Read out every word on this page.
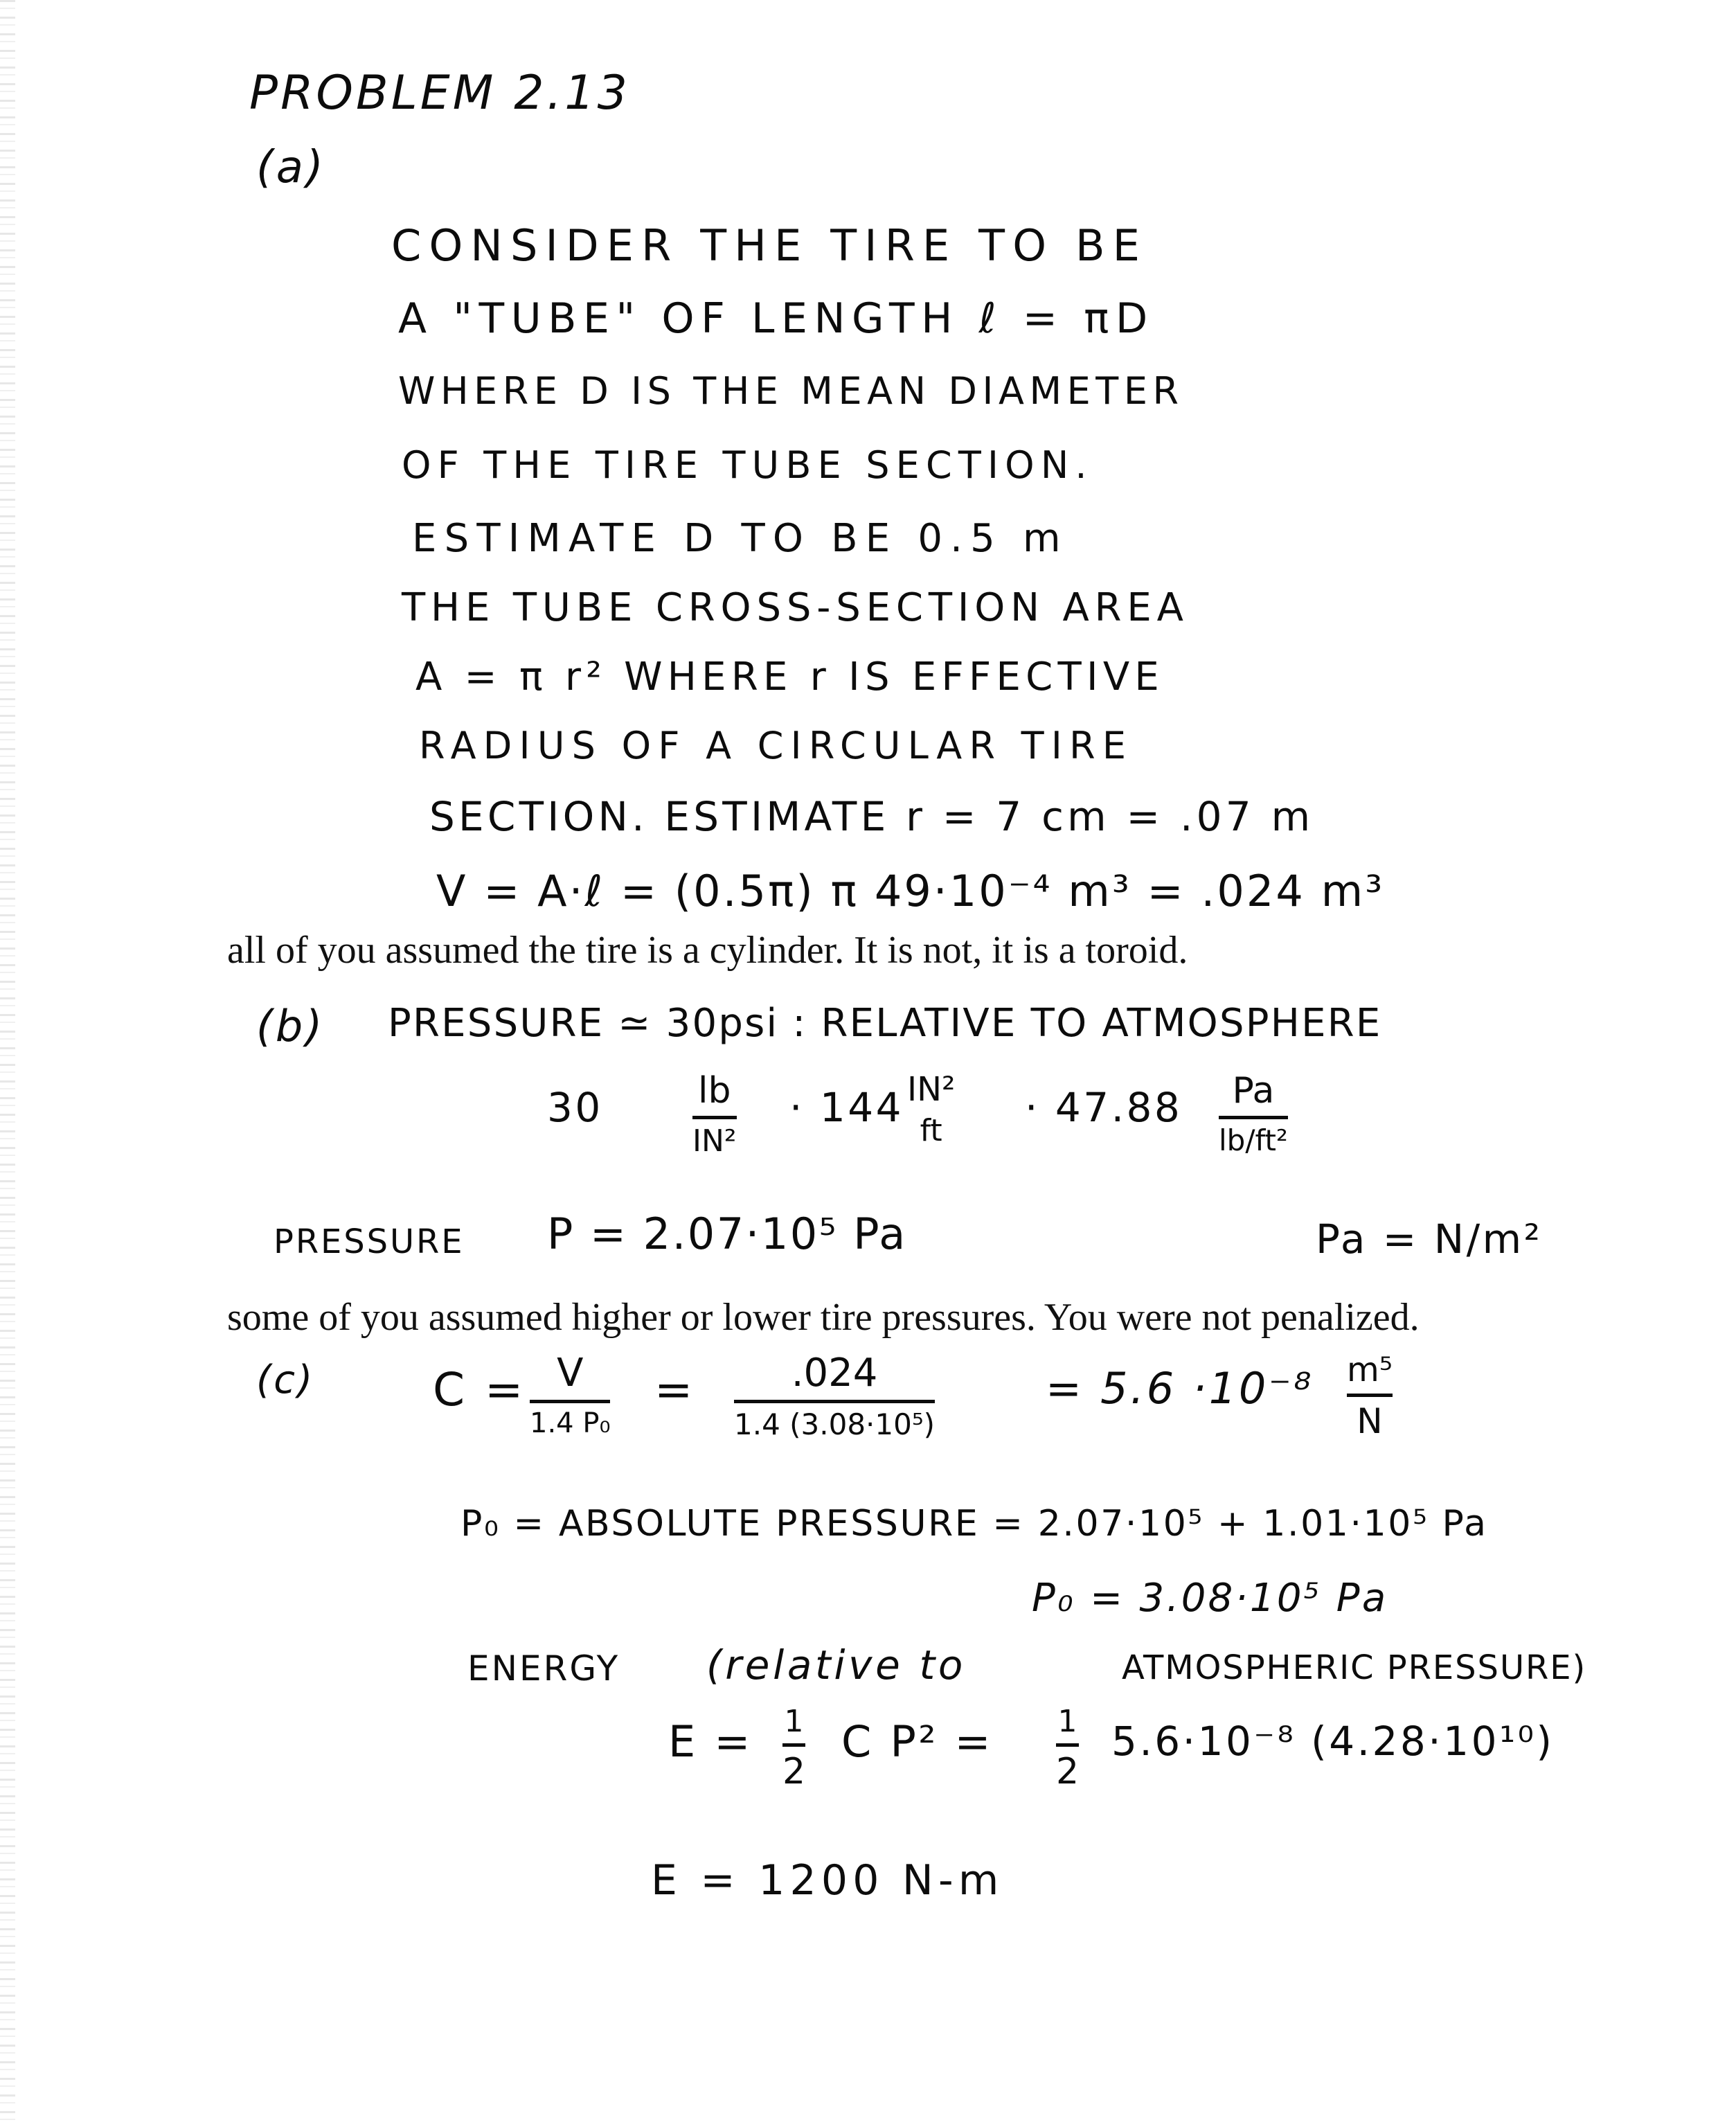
PROBLEM 2.13
(a)
CONSIDER THE TIRE TO BE
A "TUBE" OF LENGTH ℓ = πD
WHERE D IS THE MEAN DIAMETER
OF THE TIRE TUBE SECTION.
ESTIMATE D TO BE 0.5 m
THE TUBE CROSS-SECTION AREA
A = π r² WHERE r IS EFFECTIVE
RADIUS OF A CIRCULAR TIRE
SECTION. ESTIMATE r = 7 cm = .07 m
V = A·ℓ = (0.5π) π 49·10⁻⁴ m³ = .024 m³
all of you assumed the tire is a cylinder. It is not, it is a toroid.
(b) PRESSURE ≃ 30psi : RELATIVE TO ATMOSPHERE
30	lb
IN²
· 144 IN²
ft	· 47.88	Pa
lb/ft²
PRESSURE P = 2.07·10⁵ Pa	Pa = N/m²
some of you assumed higher or lower tire pressures. You were not penalized.
(c)	C = V
1.4 P₀
=	.024
1.4 (3.08·10⁵)
= 5.6 ·10⁻⁸ m⁵
N
P₀ = ABSOLUTE PRESSURE = 2.07·10⁵ + 1.01·10⁵ Pa
P₀ = 3.08·10⁵ Pa
ENERGY (relative to	ATMOSPHERIC PRESSURE)
E = 1
2
C P² = 1
2
5.6·10⁻⁸ (4.28·10¹⁰)
E = 1200 N-m
